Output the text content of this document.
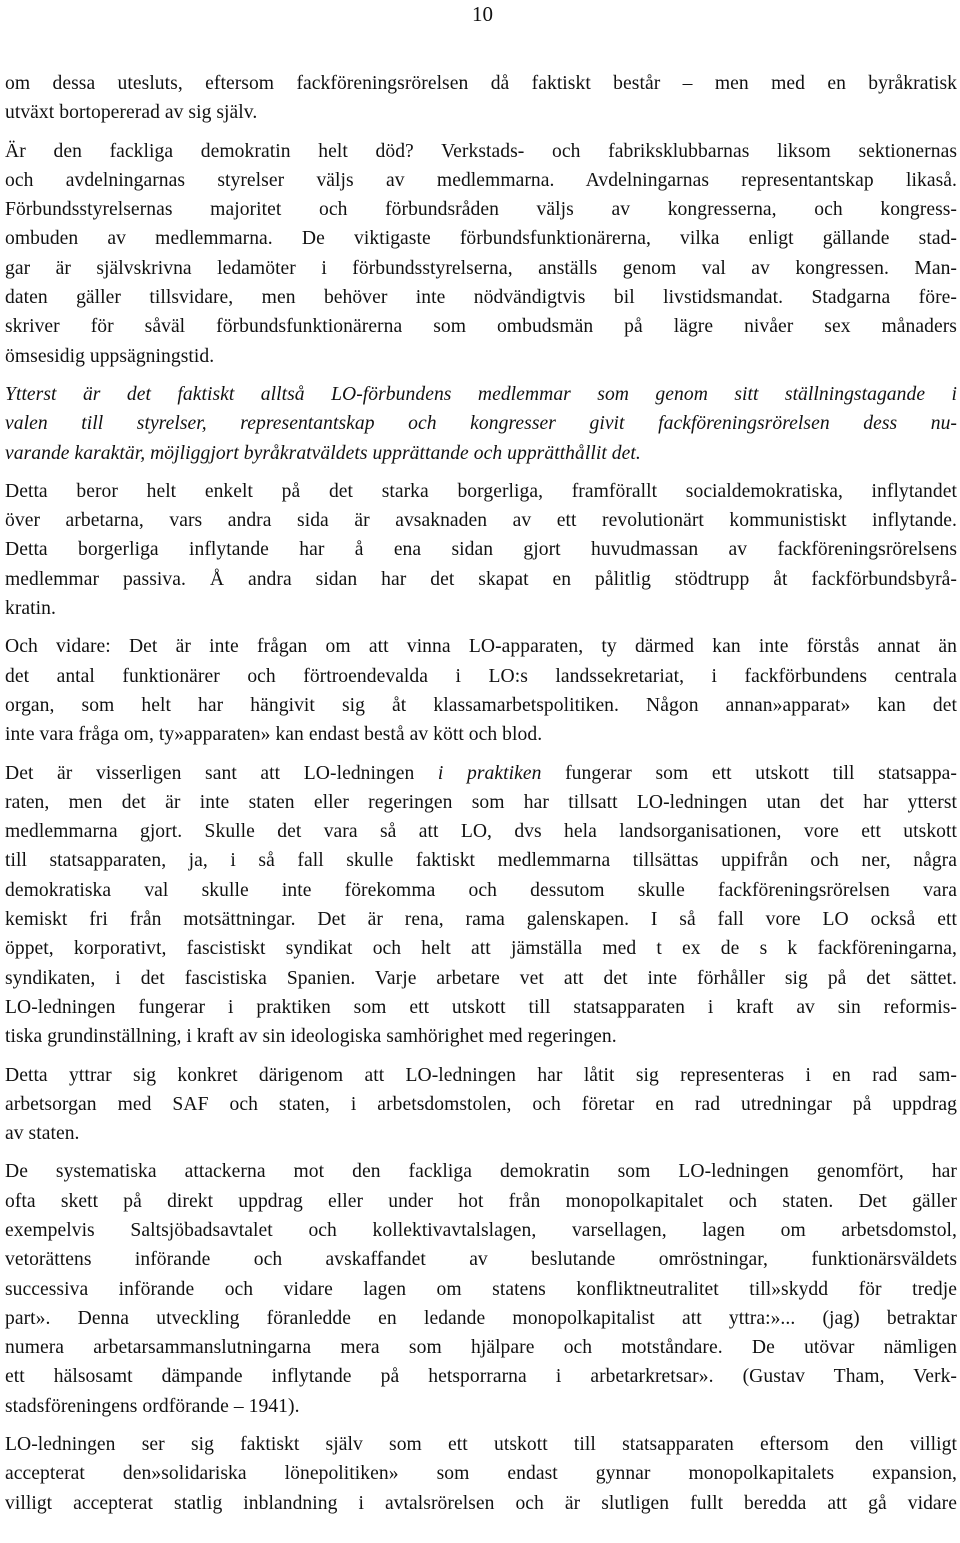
10
om dessa utesluts, eftersom fackföreningsrörelsen då faktiskt består – men med en byråkratisk
utväxt bortopererad av sig själv.
Är den fackliga demokratin helt död? Verkstads- och fabriksklubbarnas liksom sektionernas
och avdelningarnas styrelser väljs av medlemmarna. Avdelningarnas representantskap likaså.
Förbundsstyrelsernas majoritet och förbundsråden väljs av kongresserna, och kongress-
ombuden av medlemmarna. De viktigaste förbundsfunktionärerna, vilka enligt gällande stad-
gar är självskrivna ledamöter i förbundsstyrelserna, anställs genom val av kongressen. Man-
daten gäller tillsvidare, men behöver inte nödvändigtvis bil livstidsmandat. Stadgarna före-
skriver för såväl förbundsfunktionärerna som ombudsmän på lägre nivåer sex månaders
ömsesidig uppsägningstid.
Ytterst är det faktiskt alltså LO-förbundens medlemmar som genom sitt ställningstagande i
valen till styrelser, representantskap och kongresser givit fackföreningsrörelsen dess nu-
varande karaktär, möjliggjort byråkratväldets upprättande och upprätthållit det.
Detta beror helt enkelt på det starka borgerliga, framförallt socialdemokratiska, inflytandet
över arbetarna, vars andra sida är avsaknaden av ett revolutionärt kommunistiskt inflytande.
Detta borgerliga inflytande har å ena sidan gjort huvudmassan av fackföreningsrörelsens
medlemmar passiva. Å andra sidan har det skapat en pålitlig stödtrupp åt fackförbundsbyrå-
kratin.
Och vidare: Det är inte frågan om att vinna LO-apparaten, ty därmed kan inte förstås annat än
det antal funktionärer och förtroendevalda i LO:s landssekretariat, i fackförbundens centrala
organ, som helt har hängivit sig åt klassamarbetspolitiken. Någon annan»apparat» kan det
inte vara fråga om, ty»apparaten» kan endast bestå av kött och blod.
Det är visserligen sant att LO-ledningen i praktiken fungerar som ett utskott till statsappa-
raten, men det är inte staten eller regeringen som har tillsatt LO-ledningen utan det har ytterst
medlemmarna gjort. Skulle det vara så att LO, dvs hela landsorganisationen, vore ett utskott
till statsapparaten, ja, i så fall skulle faktiskt medlemmarna tillsättas uppifrån och ner, några
demokratiska val skulle inte förekomma och dessutom skulle fackföreningsrörelsen vara
kemiskt fri från motsättningar. Det är rena, rama galenskapen. I så fall vore LO också ett
öppet, korporativt, fascistiskt syndikat och helt att jämställa med t ex de s k fackföreningarna,
syndikaten, i det fascistiska Spanien. Varje arbetare vet att det inte förhåller sig på det sättet.
LO-ledningen fungerar i praktiken som ett utskott till statsapparaten i kraft av sin reformis-
tiska grundinställning, i kraft av sin ideologiska samhörighet med regeringen.
Detta yttrar sig konkret därigenom att LO-ledningen har låtit sig representeras i en rad sam-
arbetsorgan med SAF och staten, i arbetsdomstolen, och företar en rad utredningar på uppdrag
av staten.
De systematiska attackerna mot den fackliga demokratin som LO-ledningen genomfört, har
ofta skett på direkt uppdrag eller under hot från monopolkapitalet och staten. Det gäller
exempelvis Saltsjöbadsavtalet och kollektivavtalslagen, varsellagen, lagen om arbetsdomstol,
vetorättens införande och avskaffandet av beslutande omröstningar, funktionärsväldets
successiva införande och vidare lagen om statens konfliktneutralitet till»skydd för tredje
part». Denna utveckling föranledde en ledande monopolkapitalist att yttra:»... (jag) betraktar
numera arbetarsammanslutningarna mera som hjälpare och motståndare. De utövar nämligen
ett hälsosamt dämpande inflytande på hetsporrarna i arbetarkretsar». (Gustav Tham, Verk-
stadsföreningens ordförande – 1941).
LO-ledningen ser sig faktiskt själv som ett utskott till statsapparaten eftersom den villigt
accepterat den»solidariska lönepolitiken» som endast gynnar monopolkapitalets expansion,
villigt accepterat statlig inblandning i avtalsrörelsen och är slutligen fullt beredda att gå vidare
